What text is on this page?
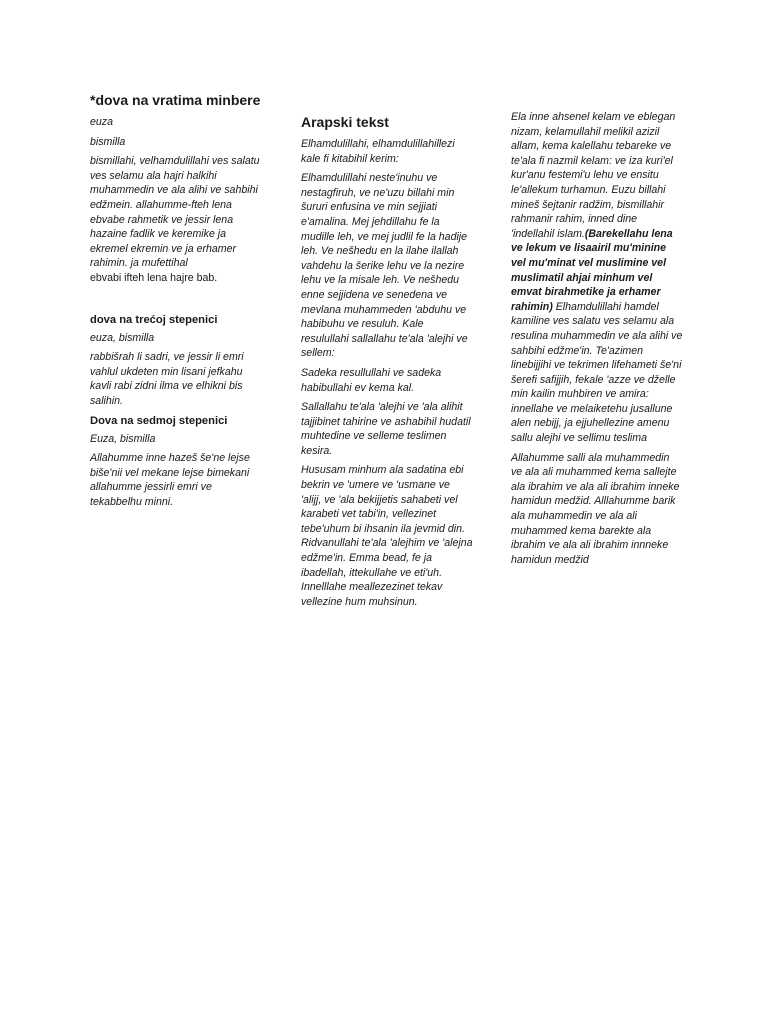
*dova na vratima minbere

euza

bismilla

bismillahi, velhamdulillahi ves salatu ves selamu ala hajri halkihi muhammedin ve ala alihi ve sahbihi edžmein. allahumme-fteh lena ebvabe rahmetik ve jessir lena hazaine fadlik ve keremike ja ekremel ekremin ve ja erhamer rahimin. ja mufettihal

ebvabi ifteh lena hajre bab.

dova na trećoj stepenici

euza, bismilla

rabbišrah li sadri, ve jessir li emri vahlul ukdeten min lisani jefkahu kavli rabi zidni ilma ve elhikni bis salihin.

Dova na sedmoj stepenici

Euza, bismilla

Allahumme inne hazeš še'ne lejse biše'nii vel mekane lejse bimekani allahumme jessirli emri ve tekabbelhu minni.

Arapski tekst

Elhamdulillahi, elhamdulillahillezi kale fi kitabihil kerim:

Elhamdulillahi neste'inuhu ve nestagfiruh, ve ne'uzu billahi min šururi enfusina ve min sejjiati e'amalina. Mej jehdillahu fe la mudille leh, ve mej judlil fe la hadije leh. Ve nešhedu en la ilahe ilallah vahdehu la šerike lehu ve la nezire lehu ve la misale leh. Ve nešhedu enne sejjidena ve senedena ve mevlana muhammeden 'abduhu ve habibuhu ve resuluh. Kale resulullahi sallallahu te'ala 'alejhi ve sellem:

Sadeka resullullahi ve sadeka habibullahi ev kema kal.

Sallallahu te'ala 'alejhi ve 'ala alihit tajjibinet tahirine ve ashabihil hudatil muhtedine ve selleme teslimen kesira.

Hususam minhum ala sadatina ebi bekrin ve 'umere ve 'usmane ve 'alijj, ve 'ala bekijjetis sahabeti vel karabeti vet tabi'in, vellezinet tebe'uhum bi ihsanin ila jevmid din. Ridvanullahi te'ala 'alejhim ve 'alejna edžme'in. Emma bead, fe ja ibadellah, ittekullahe ve eti'uh. Innelllahe meallezezinet tekav vellezine hum muhsinun.

Ela inne ahsenel kelam ve eblegan nizam, kelamullahil melikil azizil allam, kema kalellahu tebareke ve te'ala fi nazmil kelam: ve iza kuri'el kur'anu festemi'u lehu ve ensitu le'allekum turhamun. Euzu billahi mineš šejtanir radžim, bismillahir rahmanir rahim, inned dine 'indellahil islam.(Barekellahu lena ve lekum ve lisaairil mu'minine vel mu'minat vel muslimine vel muslimatil ahjai minhum vel emvat birahmetike ja erhamer rahimin) Elhamdulillahi hamdel kamiline ves salatu ves selamu ala resulina muhammedin ve ala alihi ve sahbihi edžme'in. Te'azimen linebijjihi ve tekrimen lifehameti še'ni šerefi safijjih, fekale 'azze ve dželle min kailin muhbiren ve amira: innellahe ve melaiketehu jusallune alen nebijj, ja ejjuhellezine amenu sallu alejhi ve sellimu teslima

Allahumme salli ala muhammedin ve ala ali muhammed kema sallejte ala ibrahim ve ala ali ibrahim inneke hamidun medžid. Alllahumme barik ala muhammedin ve ala ali muhammed kema barekte ala ibrahim ve ala ali ibrahim innneke hamidun medžid
